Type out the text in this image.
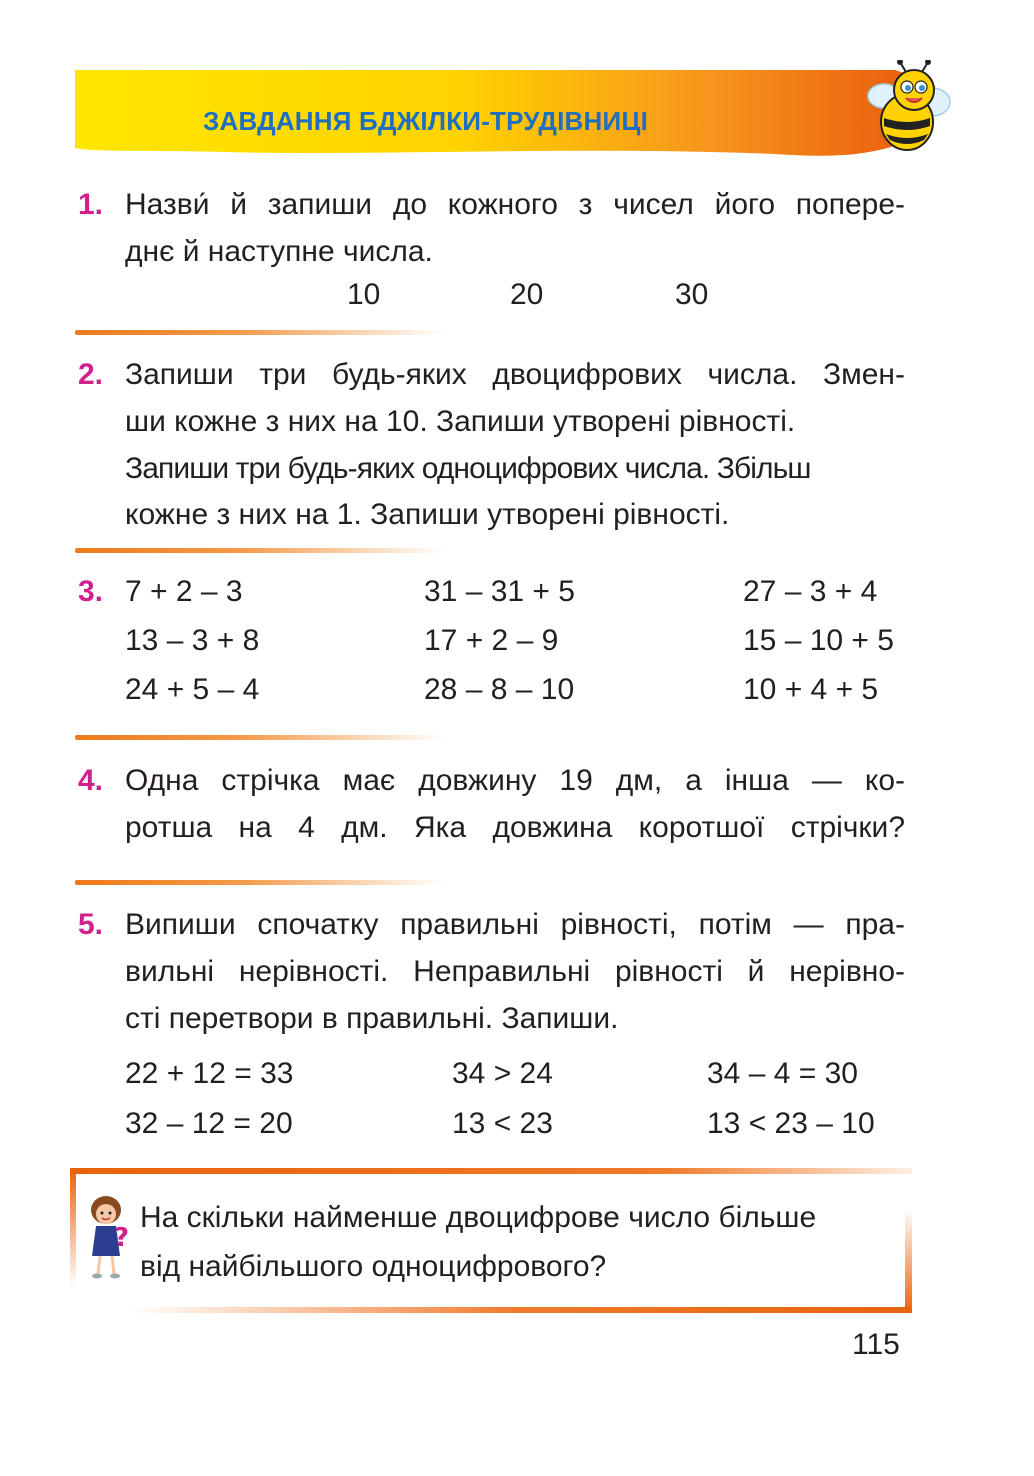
ЗАВДАННЯ БДЖІЛКИ-ТРУДІВНИЦІ
1. Назви́ й запиши до кожного з чисел його попере-
днє й наступне числа.
10	20	30
2. Запиши три будь-яких двоцифрових числа. Змен-
ши кожне з них на 10. Запиши утворені рівності.
Запиши три будь-яких одноцифрових числа. Збільш
кожне з них на 1. Запиши утворені рівності.
3. 7 + 2 – 3	31 – 31 + 5	27 – 3 + 4
13 – 3 + 8	17 + 2 – 9	15 – 10 + 5
24 + 5 – 4	28 – 8 – 10	10 + 4 + 5
4. Одна стрічка має довжину 19 дм, а інша — ко-
ротша на 4 дм. Яка довжина коротшої стрічки?
5. Випиши спочатку правильні рівності, потім — пра-
вильні нерівності. Неправильні рівності й нерівно-
сті перетвори в правильні. Запиши.
22 + 12 = 33	34 > 24	34 – 4 = 30
32 – 12 = 20	13 < 23	13 < 23 – 10
?
На скільки найменше двоцифрове число більше
від найбільшого одноцифрового?
115
